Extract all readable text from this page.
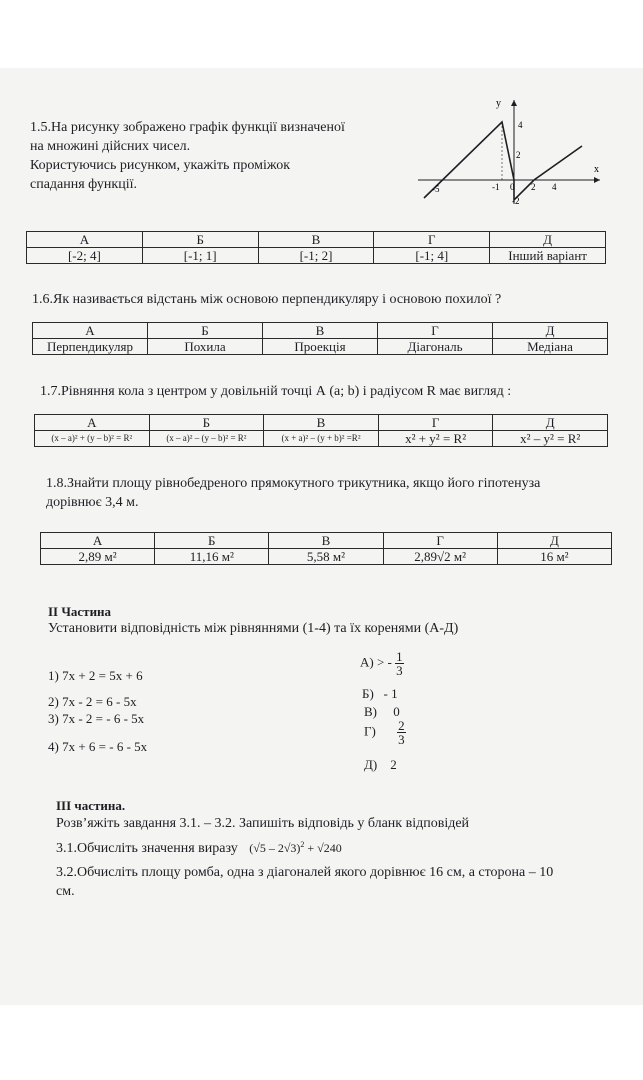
1.5.На рисунку зображено графік функції визначеної
на множині дійсних чисел.
Користуючись рисунком, укажіть проміжок
спадання функції.
y
x
4
2
-5	-1 0 2 4
-2
А	Б	В	Г	Д
[-2; 4]	[-1; 1]	[-1; 2]	[-1; 4]	Інший варіант
1.6.Як називається відстань між основою перпендикуляру і основою похилої ?
А	Б	В	Г	Д
Перпендикуляр	Похила	Проекція	Діагональ	Медіана
1.7.Рівняння кола з центром у довільній точці А (a; b) і радіусом R має вигляд :
А	Б	В	Г	Д
(x – a)² + (y – b)² = R²	(x – a)² – (y – b)² = R²	(x + a)² – (y + b)² =R²	x² + y² = R²	x² – y² = R²
1.8.Знайти площу рівнобедреного прямокутного трикутника, якщо його гіпотенуза
дорівнює 3,4 м.
А	Б	В	Г	Д
2,89 м²	11,16 м²	5,58 м²	2,89√2 м²	16 м²
II Частина
Установити відповідність між рівняннями (1-4) та їх коренями (А-Д)
1) 7x + 2 = 5x + 6
2) 7x - 2 = 6 - 5x
3) 7x - 2 = - 6 - 5x
4) 7x + 6 = - 6 - 5x
А) > - $\frac{1}{3}$
Б)   - 1
В)     0
$Г) \frac{2}{3}$
Д)    2
III частина.
Розв’яжіть завдання 3.1. – 3.2. Запишіть відповідь у бланк відповідей
3.1.Обчисліть значення виразу (√5 – 2√3)$^2$ + √240
3.2.Обчисліть площу ромба, одна з діагоналей якого дорівнює 16 см, а сторона – 10
см.
